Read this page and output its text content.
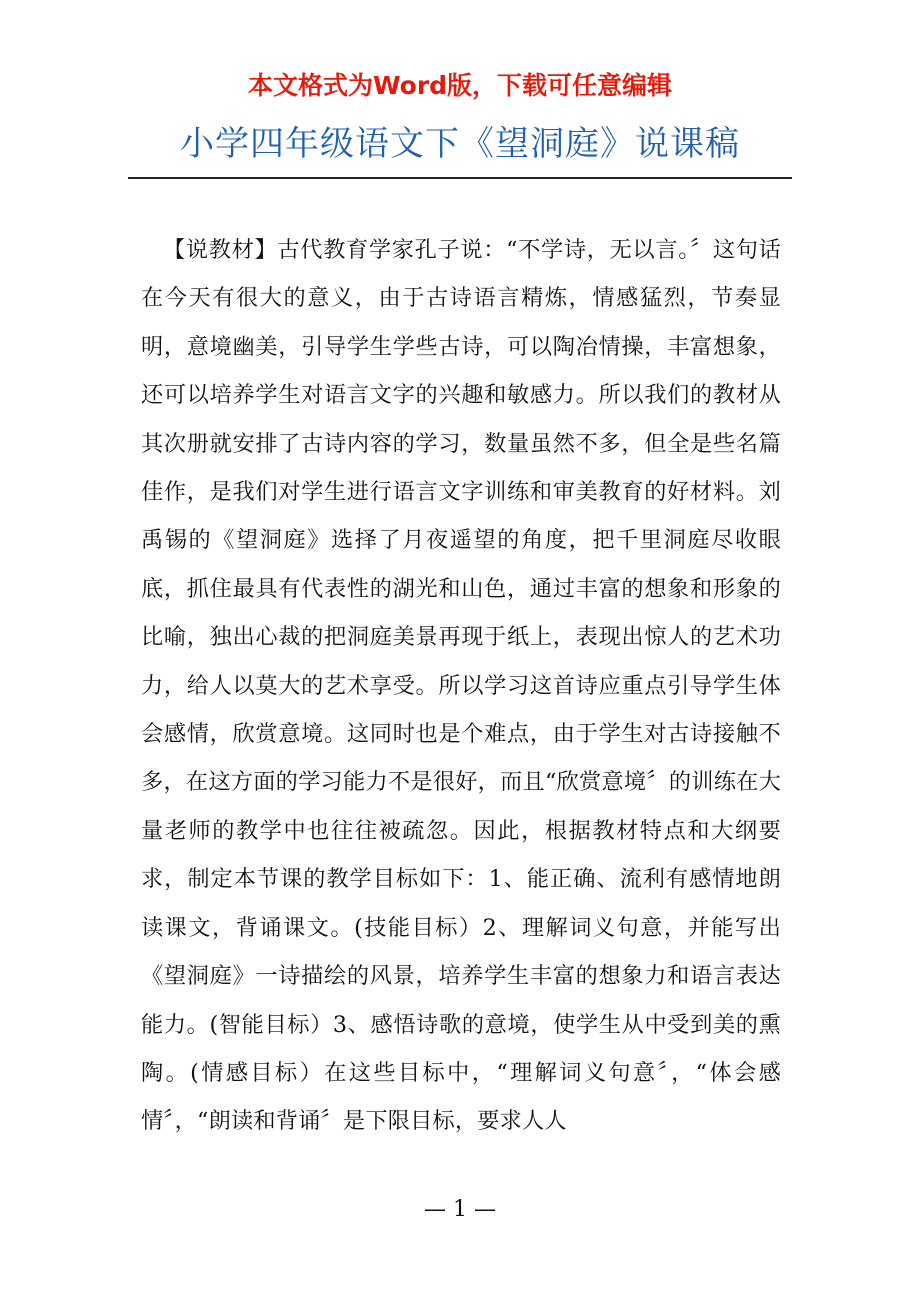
本文格式为Word版，下载可任意编辑
小学四年级语文下《望洞庭》说课稿

【说教材】古代教育学家孔子说：“不学诗，无以言。〞这句话在今天有很大的意义，由于古诗语言精炼，情感猛烈，节奏显明，意境幽美，引导学生学些古诗，可以陶冶情操，丰富想象，还可以培养学生对语言文字的兴趣和敏感力。所以我们的教材从其次册就安排了古诗内容的学习，数量虽然不多，但全是些名篇佳作，是我们对学生进行语言文字训练和审美教育的好材料。刘禹锡的《望洞庭》选择了月夜遥望的角度，把千里洞庭尽收眼底，抓住最具有代表性的湖光和山色，通过丰富的想象和形象的比喻，独出心裁的把洞庭美景再现于纸上，表现出惊人的艺术功力，给人以莫大的艺术享受。所以学习这首诗应重点引导学生体会感情，欣赏意境。这同时也是个难点，由于学生对古诗接触不多，在这方面的学习能力不是很好，而且“欣赏意境〞的训练在大量老师的教学中也往往被疏忽。因此，根据教材特点和大纲要求，制定本节课的教学目标如下：1、能正确、流利有感情地朗读课文，背诵课文。(技能目标）2、理解词义句意，并能写出《望洞庭》一诗描绘的风景，培养学生丰富的想象力和语言表达能力。(智能目标）3、感悟诗歌的意境，使学生从中受到美的熏陶。(情感目标）在这些目标中，“理解词义句意〞，“体会感情〞，“朗读和背诵〞是下限目标，要求人人

— 1 —
